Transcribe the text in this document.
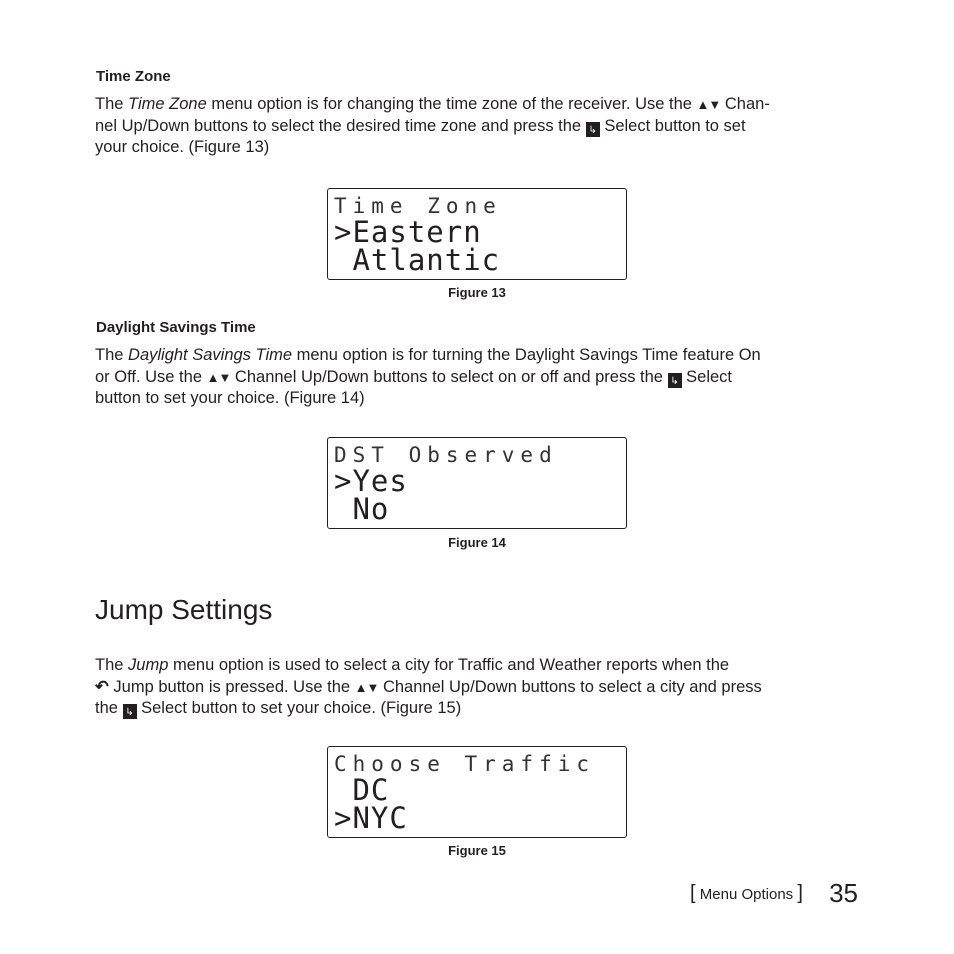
Time Zone

The Time Zone menu option is for changing the time zone of the receiver. Use the ▲▼ Chan-

nel Up/Down buttons to select the desired time zone and press the ↳ Select button to set

your choice. (Figure 13)

Time Zone
>Eastern
Atlantic
Figure 13
Daylight Savings Time

The Daylight Savings Time menu option is for turning the Daylight Savings Time feature On

or Off. Use the ▲▼ Channel Up/Down buttons to select on or off and press the ↳ Select

button to set your choice. (Figure 14)

DST Observed
>Yes
No
Figure 14
Jump Settings

The Jump menu option is used to select a city for Traffic and Weather reports when the

↶ Jump button is pressed. Use the ▲▼ Channel Up/Down buttons to select a city and press

the ↳ Select button to set your choice. (Figure 15)

Choose Traffic
DC
>NYC
Figure 15
[ Menu Options ] 35
